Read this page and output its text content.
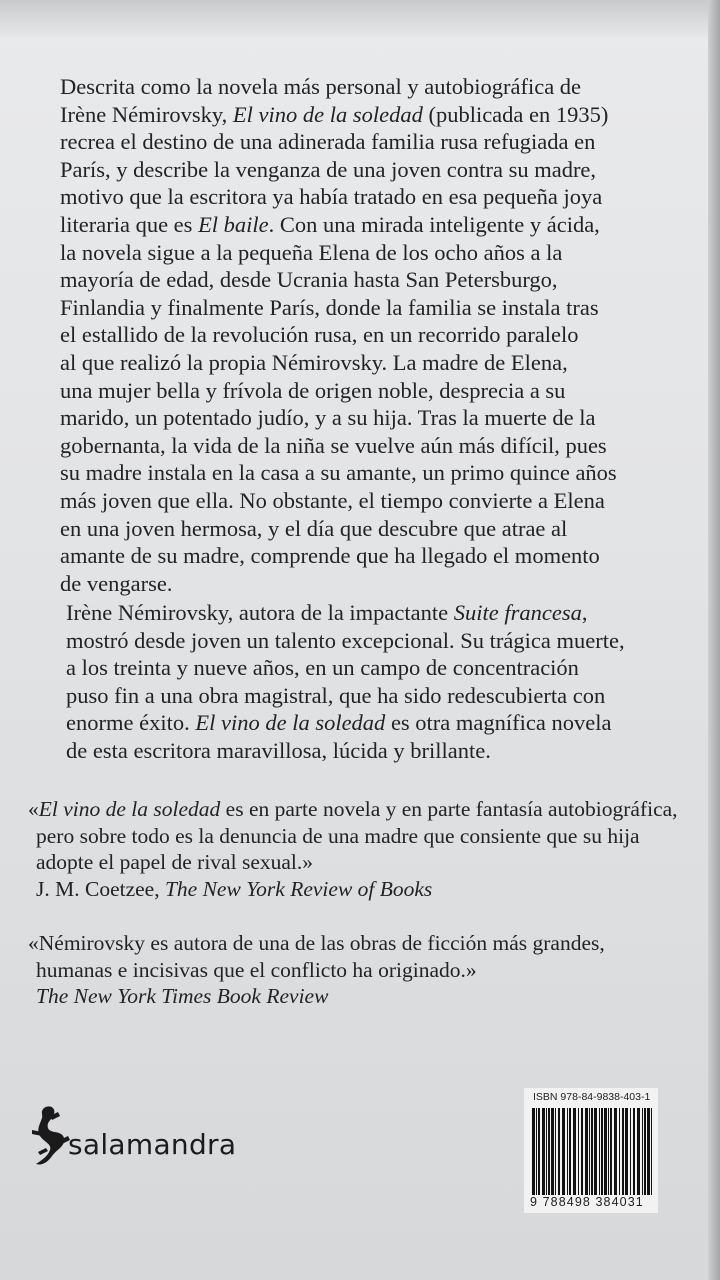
Descrita como la novela más personal y autobiográfica de
Irène Némirovsky, El vino de la soledad (publicada en 1935)
recrea el destino de una adinerada familia rusa refugiada en
París, y describe la venganza de una joven contra su madre,
motivo que la escritora ya había tratado en esa pequeña joya
literaria que es El baile. Con una mirada inteligente y ácida,
la novela sigue a la pequeña Elena de los ocho años a la
mayoría de edad, desde Ucrania hasta San Petersburgo,
Finlandia y finalmente París, donde la familia se instala tras
el estallido de la revolución rusa, en un recorrido paralelo
al que realizó la propia Némirovsky. La madre de Elena,
una mujer bella y frívola de origen noble, desprecia a su
marido, un potentado judío, y a su hija. Tras la muerte de la
gobernanta, la vida de la niña se vuelve aún más difícil, pues
su madre instala en la casa a su amante, un primo quince años
más joven que ella. No obstante, el tiempo convierte a Elena
en una joven hermosa, y el día que descubre que atrae al
amante de su madre, comprende que ha llegado el momento
de vengarse.
Irène Némirovsky, autora de la impactante Suite francesa,
mostró desde joven un talento excepcional. Su trágica muerte,
a los treinta y nueve años, en un campo de concentración
puso fin a una obra magistral, que ha sido redescubierta con
enorme éxito. El vino de la soledad es otra magnífica novela
de esta escritora maravillosa, lúcida y brillante.
«El vino de la soledad es en parte novela y en parte fantasía autobiográfica,
pero sobre todo es la denuncia de una madre que consiente que su hija
adopte el papel de rival sexual.»
J. M. Coetzee, The New York Review of Books
«Némirovsky es autora de una de las obras de ficción más grandes,
humanas e incisivas que el conflicto ha originado.»
The New York Times Book Review
salamandra
ISBN 978-84-9838-403-1
9 788498 384031
